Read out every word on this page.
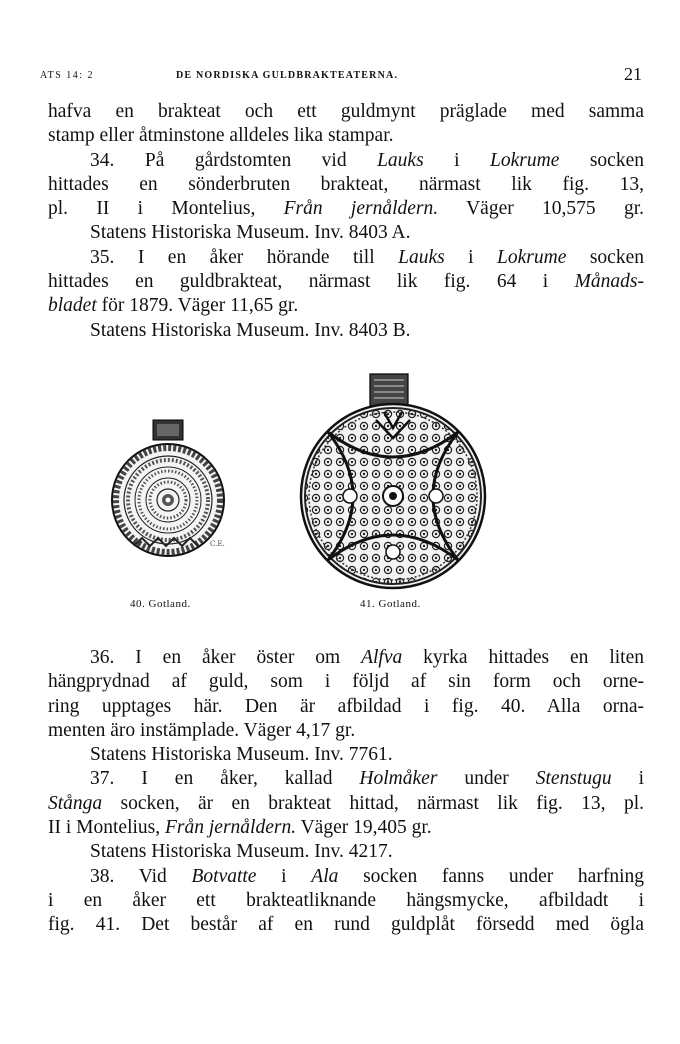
ATS 14: 2	DE NORDISKA GULDBRAKTEATERNA.	21
hafva en brakteat och ett guldmynt präglade med samma
stamp eller åtminstone alldeles lika stampar.
34. På gårdstomten vid Lauks i Lokrume socken
hittades en sönderbruten brakteat, närmast lik fig. 13,
pl. II i Montelius, Från jernåldern. Väger 10,575 gr.
Statens Historiska Museum. Inv. 8403 A.
35. I en åker hörande till Lauks i Lokrume socken
hittades en guldbrakteat, närmast lik fig. 64 i Månads-
bladet för 1879. Väger 11,65 gr.
Statens Historiska Museum. Inv. 8403 B.
C.E.
40. Gotland.	41. Gotland.
36. I en åker öster om Alfva kyrka hittades en liten
hängprydnad af guld, som i följd af sin form och orne-
ring upptages här. Den är afbildad i fig. 40. Alla orna-
menten äro instämplade. Väger 4,17 gr.
Statens Historiska Museum. Inv. 7761.
37. I en åker, kallad Holmåker under Stenstugu i
Stånga socken, är en brakteat hittad, närmast lik fig. 13, pl.
II i Montelius, Från jernåldern. Väger 19,405 gr.
Statens Historiska Museum. Inv. 4217.
38. Vid Botvatte i Ala socken fanns under harfning
i en åker ett brakteatliknande hängsmycke, afbildadt i
fig. 41. Det består af en rund guldplåt försedd med ögla
